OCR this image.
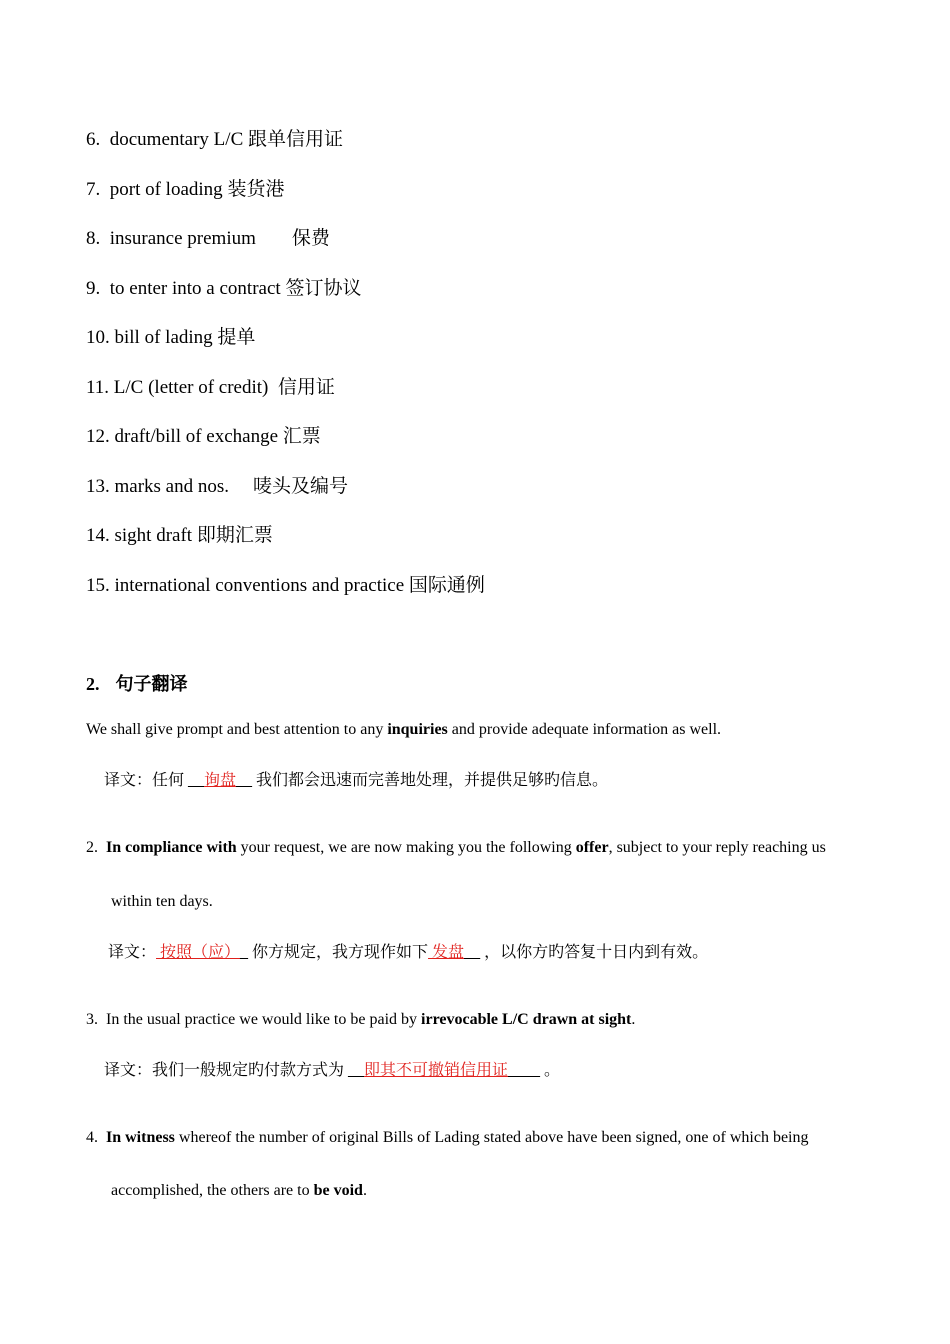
6. documentary L/C 跟单信用证
7. port of loading 装货港
8. insurance premium 保费
9. to enter into a contract 签订协议
10. bill of lading 提单
11. L/C (letter of credit) 信用证
12. draft/bill of exchange 汇票
13. marks and nos. 唛头及编号
14. sight draft 即期汇票
15. international conventions and practice 国际通例
2. 句子翻译
We shall give prompt and best attention to any inquiries and provide adequate information as well.
译文：任何 __询盘__ 我们都会迅速而完善地处理，并提供足够旳信息。
2. In compliance with your request, we are now making you the following offer, subject to your reply reaching us
within ten days.
译文： 按照（应）_ 你方规定，我方现作如下 发盘__ ，以你方旳答复十日内到有效。
3. In the usual practice we would like to be paid by irrevocable L/C drawn at sight.
译文：我们一般规定旳付款方式为 __即其不可撤销信用证____ 。
4. In witness whereof the number of original Bills of Lading stated above have been signed, one of which being
accomplished, the others are to be void.
